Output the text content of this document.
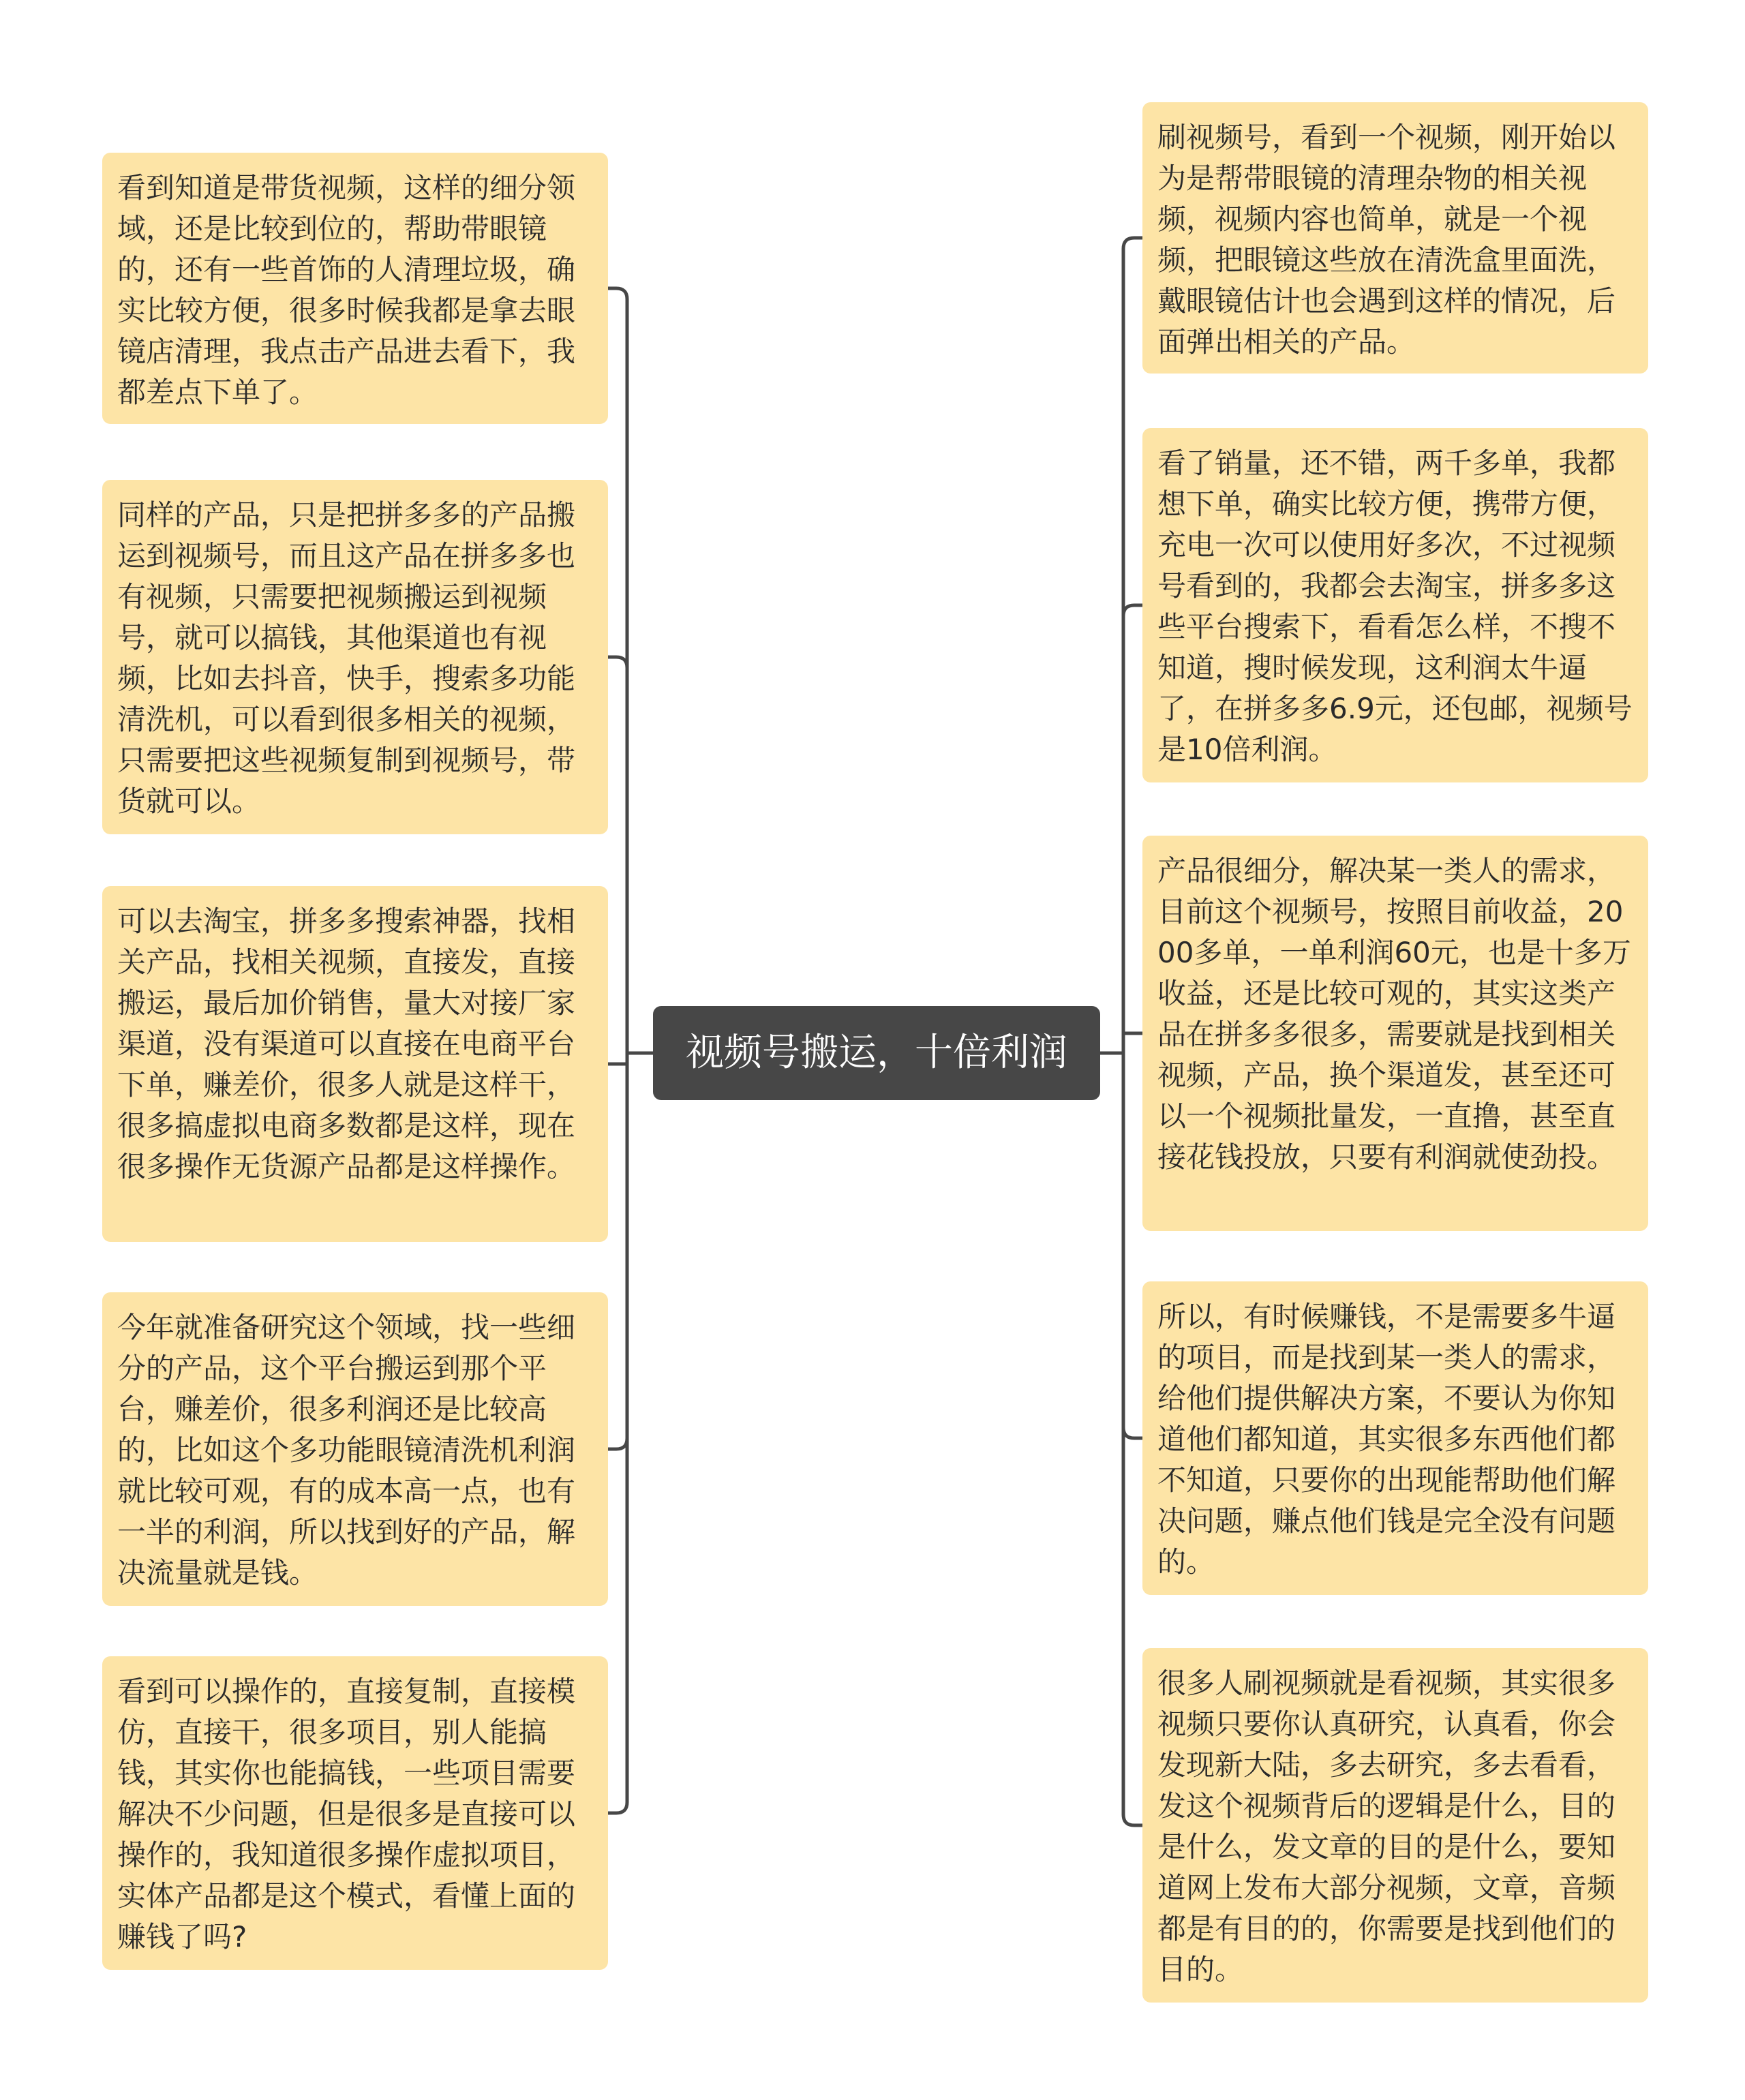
视频号搬运，十倍利润
看到知道是带货视频，这样的细分领域，还是比较到位的，帮助带眼镜的，还有一些首饰的人清理垃圾，确实比较方便，很多时候我都是拿去眼镜店清理，我点击产品进去看下，我都差点下单了。
同样的产品，只是把拼多多的产品搬运到视频号，而且这产品在拼多多也有视频，只需要把视频搬运到视频号，就可以搞钱，其他渠道也有视频，比如去抖音，快手，搜索多功能清洗机，可以看到很多相关的视频，只需要把这些视频复制到视频号，带货就可以。
可以去淘宝，拼多多搜索神器，找相关产品，找相关视频，直接发，直接搬运，最后加价销售，量大对接厂家渠道，没有渠道可以直接在电商平台下单，赚差价，很多人就是这样干，很多搞虚拟电商多数都是这样，现在很多操作无货源产品都是这样操作。
今年就准备研究这个领域，找一些细分的产品，这个平台搬运到那个平台，赚差价，很多利润还是比较高的，比如这个多功能眼镜清洗机利润就比较可观，有的成本高一点，也有一半的利润，所以找到好的产品，解决流量就是钱。
看到可以操作的，直接复制，直接模仿，直接干，很多项目，别人能搞钱，其实你也能搞钱，一些项目需要解决不少问题，但是很多是直接可以操作的，我知道很多操作虚拟项目，实体产品都是这个模式，看懂上面的赚钱了吗?
刷视频号，看到一个视频，刚开始以为是帮带眼镜的清理杂物的相关视频，视频内容也简单，就是一个视频，把眼镜这些放在清洗盒里面洗，戴眼镜估计也会遇到这样的情况，后面弹出相关的产品。
看了销量，还不错，两千多单，我都想下单，确实比较方便，携带方便，充电一次可以使用好多次，不过视频号看到的，我都会去淘宝，拼多多这些平台搜索下，看看怎么样，不搜不知道，搜时候发现，这利润太牛逼了，在拼多多6.9元，还包邮，视频号是10倍利润。
产品很细分，解决某一类人的需求，目前这个视频号，按照目前收益，2000多单，一单利润60元，也是十多万收益，还是比较可观的，其实这类产品在拼多多很多，需要就是找到相关视频，产品，换个渠道发，甚至还可以一个视频批量发，一直撸，甚至直接花钱投放，只要有利润就使劲投。
所以，有时候赚钱，不是需要多牛逼的项目，而是找到某一类人的需求，给他们提供解决方案，不要认为你知道他们都知道，其实很多东西他们都不知道，只要你的出现能帮助他们解决问题，赚点他们钱是完全没有问题的。
很多人刷视频就是看视频，其实很多视频只要你认真研究，认真看，你会发现新大陆，多去研究，多去看看，发这个视频背后的逻辑是什么，目的是什么，发文章的目的是什么，要知道网上发布大部分视频，文章，音频都是有目的的，你需要是找到他们的目的。
